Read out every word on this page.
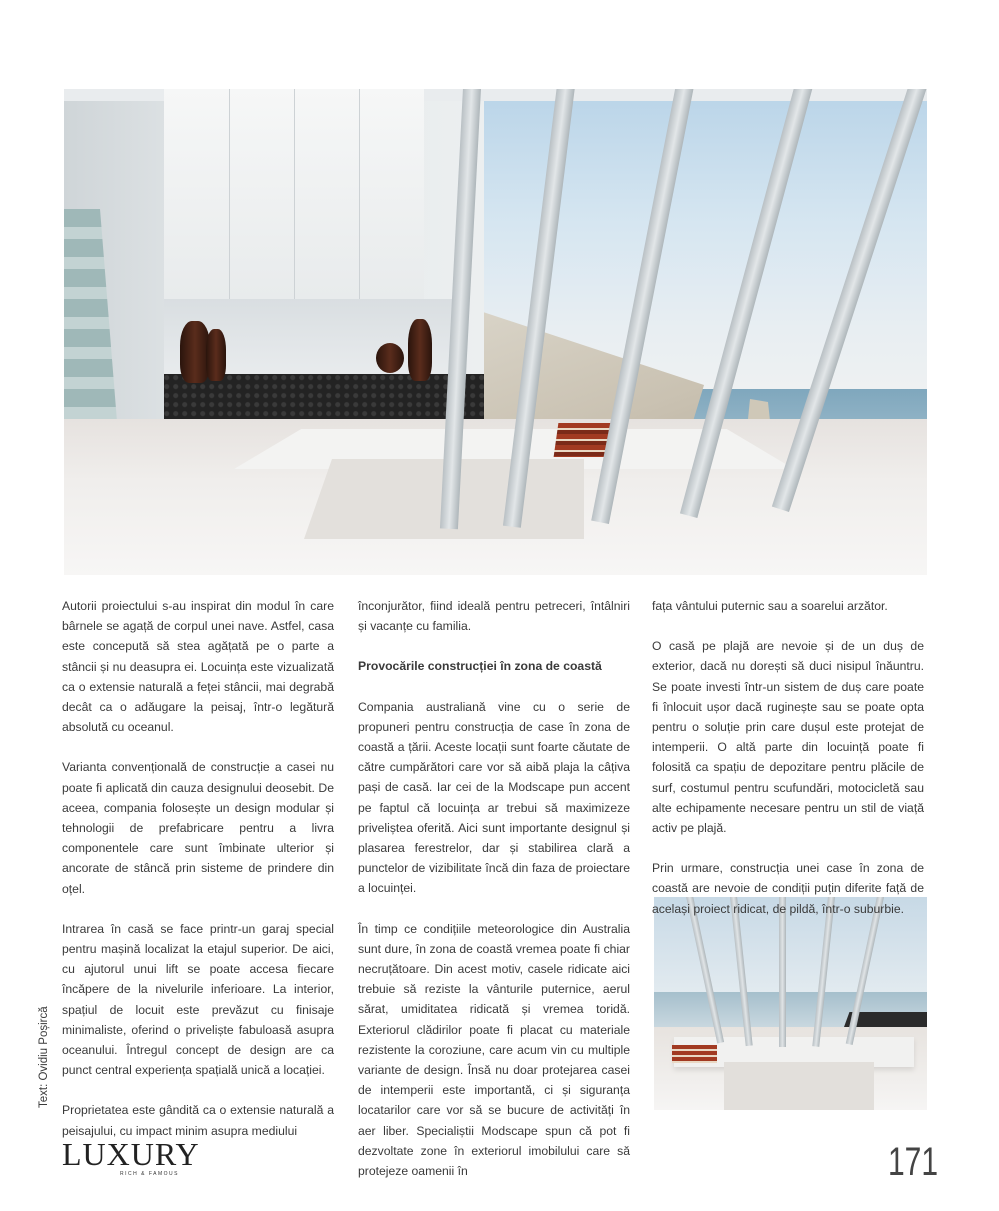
Autorii proiectului s-au inspirat din modul în care bârnele se agață de corpul unei nave. Astfel, casa este concepută să stea agățată pe o parte a stâncii și nu deasupra ei. Locuința este vizualizată ca o extensie naturală a feței stâncii, mai degrabă decât ca o adăugare la peisaj, într-o legătură absolută cu oceanul.

Varianta convențională de construcție a casei nu poate fi aplicată din cauza designului deosebit. De aceea, compania folosește un design modular și tehnologii de prefabricare pentru a livra componentele care sunt îmbinate ulterior și ancorate de stâncă prin sisteme de prindere din oțel.

Intrarea în casă se face printr-un garaj special pentru mașină localizat la etajul superior. De aici, cu ajutorul unui lift se poate accesa fiecare încăpere de la nivelurile inferioare. La interior, spațiul de locuit este prevăzut cu finisaje minimaliste, oferind o priveliște fabuloasă asupra oceanului. Întregul concept de design are ca punct central experiența spațială unică a locației.

Proprietatea este gândită ca o extensie naturală a peisajului, cu impact minim asupra mediului

înconjurător, fiind ideală pentru petreceri, întâlniri și vacanțe cu familia.

Provocările construcției în zona de coastă

Compania australiană vine cu o serie de propuneri pentru construcția de case în zona de coastă a țării. Aceste locații sunt foarte căutate de către cumpărători care vor să aibă plaja la câțiva pași de casă. Iar cei de la Modscape pun accent pe faptul că locuința ar trebui să maximizeze priveliștea oferită. Aici sunt importante designul și plasarea ferestrelor, dar și stabilirea clară a punctelor de vizibilitate încă din faza de proiectare a locuinței.

În timp ce condițiile meteorologice din Australia sunt dure, în zona de coastă vremea poate fi chiar necruțătoare. Din acest motiv, casele ridicate aici trebuie să reziste la vânturile puternice, aerul sărat, umiditatea ridicată și vremea toridă. Exteriorul clădirilor poate fi placat cu materiale rezistente la coroziune, care acum vin cu multiple variante de design. Însă nu doar protejarea casei de intemperii este importantă, ci și siguranța locatarilor care vor să se bucure de activități în aer liber. Specialiștii Modscape spun că pot fi dezvoltate zone în exteriorul imobilului care să protejeze oamenii în

fața vântului puternic sau a soarelui arzător.

O casă pe plajă are nevoie și de un duș de exterior, dacă nu dorești să duci nisipul înăuntru. Se poate investi într-un sistem de duș care poate fi înlocuit ușor dacă ruginește sau se poate opta pentru o soluție prin care dușul este protejat de intemperii. O altă parte din locuință poate fi folosită ca spațiu de depozitare pentru plăcile de surf, costumul pentru scufundări, motocicletă sau alte echipamente necesare pentru un stil de viață activ pe plajă.

Prin urmare, construcția unei case în zona de coastă are nevoie de condiții puțin diferite față de același proiect ridicat, de pildă, într-o suburbie.

Text: Ovidiu Poșircă
LUXURY
RICH & FAMOUS	171
